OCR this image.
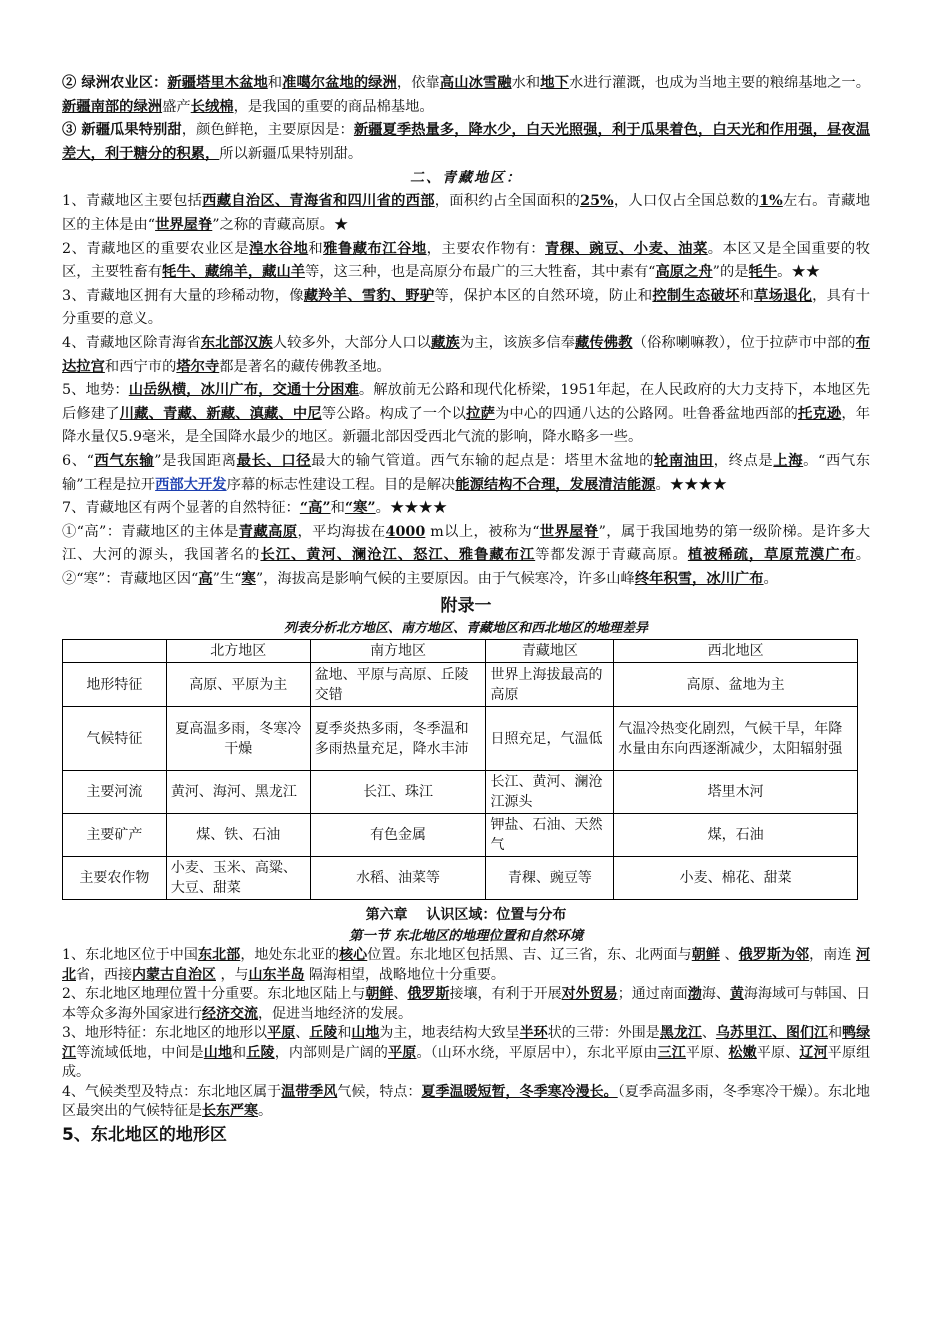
② 绿洲农业区：新疆塔里木盆地和准噶尔盆地的绿洲，依靠高山冰雪融水和地下水进行灌溉，也成为当地主要的粮绵基地之一。新疆南部的绿洲盛产长绒棉，是我国的重要的商品棉基地。

③ 新疆瓜果特别甜，颜色鲜艳，主要原因是：新疆夏季热量多，降水少，白天光照强，利于瓜果着色，白天光和作用强，昼夜温差大，利于糖分的积累，所以新疆瓜果特别甜。

二、青藏地区：

1、青藏地区主要包括西藏自治区、青海省和四川省的西部，面积约占全国面积的25%，人口仅占全国总数的1%左右。青藏地区的主体是由“世界屋脊”之称的青藏高原。★

2、青藏地区的重要农业区是湟水谷地和雅鲁藏布江谷地，主要农作物有：青稞、豌豆、小麦、油菜。本区又是全国重要的牧区，主要牲畜有牦牛、藏绵羊，藏山羊等，这三种，也是高原分布最广的三大牲畜，其中素有“高原之舟”的是牦牛。★★

3、青藏地区拥有大量的珍稀动物，像藏羚羊、雪豹、野驴等，保护本区的自然环境，防止和控制生态破坏和草场退化，具有十分重要的意义。

4、青藏地区除青海省东北部汉族人较多外，大部分人口以藏族为主，该族多信奉藏传佛教（俗称喇嘛教），位于拉萨市中部的布达拉宫和西宁市的塔尔寺都是著名的藏传佛教圣地。

5、地势：山岳纵横，冰川广布，交通十分困难。解放前无公路和现代化桥梁，1951年起，在人民政府的大力支持下，本地区先后修建了川藏、青藏、新藏、滇藏、中尼等公路。构成了一个以拉萨为中心的四通八达的公路网。吐鲁番盆地西部的托克逊，年降水量仅5.9毫米，是全国降水最少的地区。新疆北部因受西北气流的影响，降水略多一些。

6、“西气东输”是我国距离最长、口径最大的输气管道。西气东输的起点是：塔里木盆地的轮南油田，终点是上海。“西气东输”工程是拉开西部大开发序幕的标志性建设工程。目的是解决能源结构不合理，发展清洁能源。★★★★

7、青藏地区有两个显著的自然特征：“高”和“寒”。★★★★

①“高”：青藏地区的主体是青藏高原，平均海拔在4000 m以上，被称为“世界屋脊”，属于我国地势的第一级阶梯。是许多大江、大河的源头，我国著名的长江、黄河、澜沧江、怒江、雅鲁藏布江等都发源于青藏高原。植被稀疏，草原荒漠广布。②“寒”：青藏地区因“高”生“寒”，海拔高是影响气候的主要原因。由于气候寒冷，许多山峰终年积雪，冰川广布。

附录一
列表分析北方地区、南方地区、青藏地区和西北地区的地理差异
	北方地区	南方地区	青藏地区	西北地区
地形特征	高原、平原为主	盆地、平原与高原、丘陵交错	世界上海拔最高的高原	高原、盆地为主
气候特征	夏高温多雨，冬寒冷干燥	夏季炎热多雨，冬季温和多雨热量充足，降水丰沛	日照充足，气温低	气温冷热变化剧烈，气候干旱，年降水量由东向西逐渐减少，太阳辐射强
主要河流	黄河、海河、黑龙江	长江、珠江	长江、黄河、澜沧江源头	塔里木河
主要矿产	煤、铁、石油	有色金属	钾盐、石油、天然气	煤，石油
主要农作物	小麦、玉米、高粱、大豆、甜菜	水稻、油菜等	青稞、豌豆等	小麦、棉花、甜菜
第六章　 认识区域：位置与分布
第一节 东北地区的地理位置和自然环境

1、东北地区位于中国东北部，地处东北亚的核心位置。东北地区包括黑、吉、辽三省，东、北两面与朝鲜 、俄罗斯为邻，南连 河北省，西接内蒙古自治区 ，与山东半岛 隔海相望，战略地位十分重要。

2、东北地区地理位置十分重要。东北地区陆上与朝鲜、俄罗斯接壤，有利于开展对外贸易；通过南面渤海、黄海海域可与韩国、日本等众多海外国家进行经济交流，促进当地经济的发展。

3、地形特征：东北地区的地形以平原、丘陵和山地为主，地表结构大致呈半环状的三带：外围是黑龙江、乌苏里江、图们江和鸭绿江等流域低地，中间是山地和丘陵，内部则是广阔的平原。（山环水绕，平原居中），东北平原由三江平原、松嫩平原、辽河平原组成。

4、气候类型及特点：东北地区属于温带季风气候，特点：夏季温暖短暂，冬季寒冷漫长。（夏季高温多雨，冬季寒冷干燥）。东北地区最突出的气候特征是长东严寒。

5、东北地区的地形区
